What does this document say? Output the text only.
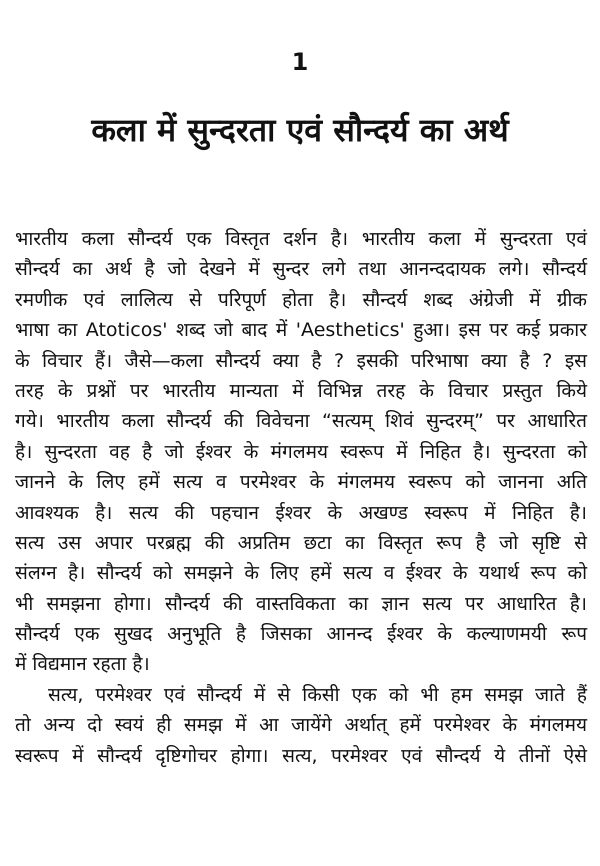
1
कला में सुन्दरता एवं सौन्दर्य का अर्थ
भारतीय कला सौन्दर्य एक विस्तृत दर्शन है। भारतीय कला में सुन्दरता एवं
सौन्दर्य का अर्थ है जो देखने में सुन्दर लगे तथा आनन्ददायक लगे। सौन्दर्य
रमणीक एवं लालित्य से परिपूर्ण होता है। सौन्दर्य शब्द अंग्रेजी में ग्रीक
भाषा का Atoticos' शब्द जो बाद में 'Aesthetics' हुआ। इस पर कई प्रकार
के विचार हैं। जैसे—कला सौन्दर्य क्या है ? इसकी परिभाषा क्या है ? इस
तरह के प्रश्नों पर भारतीय मान्यता में विभिन्न तरह के विचार प्रस्तुत किये
गये। भारतीय कला सौन्दर्य की विवेचना “सत्यम् शिवं सुन्दरम्” पर आधारित
है। सुन्दरता वह है जो ईश्वर के मंगलमय स्वरूप में निहित है। सुन्दरता को
जानने के लिए हमें सत्य व परमेश्वर के मंगलमय स्वरूप को जानना अति
आवश्यक है। सत्य की पहचान ईश्वर के अखण्ड स्वरूप में निहित है।
सत्य उस अपार परब्रह्म की अप्रतिम छटा का विस्तृत रूप है जो सृष्टि से
संलग्न है। सौन्दर्य को समझने के लिए हमें सत्य व ईश्वर के यथार्थ रूप को
भी समझना होगा। सौन्दर्य की वास्तविकता का ज्ञान सत्य पर आधारित है।
सौन्दर्य एक सुखद अनुभूति है जिसका आनन्द ईश्वर के कल्याणमयी रूप
में विद्यमान रहता है।
सत्य, परमेश्वर एवं सौन्दर्य में से किसी एक को भी हम समझ जाते हैं
तो अन्य दो स्वयं ही समझ में आ जायेंगे अर्थात् हमें परमेश्वर के मंगलमय
स्वरूप में सौन्दर्य दृष्टिगोचर होगा। सत्य, परमेश्वर एवं सौन्दर्य ये तीनों ऐसे
